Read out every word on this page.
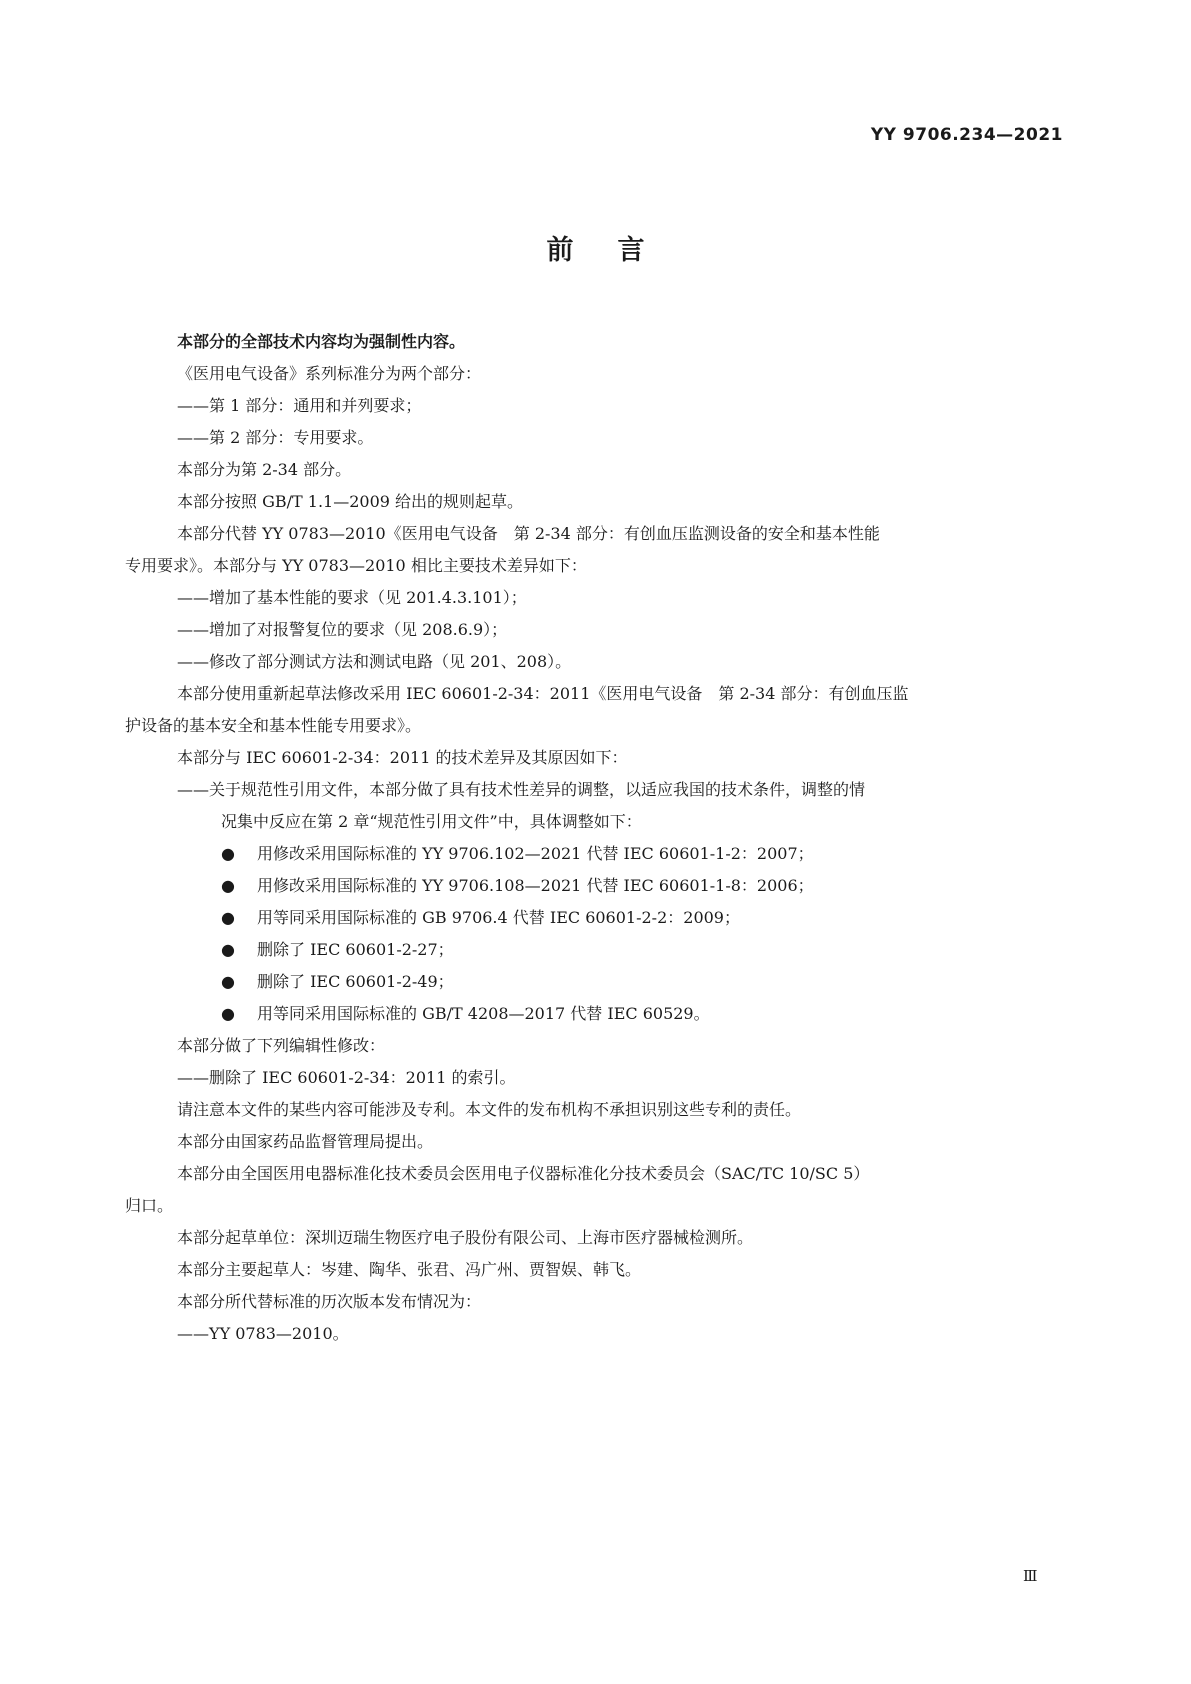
YY 9706.234—2021
前 言

本部分的全部技术内容均为强制性内容。

《医用电气设备》系列标准分为两个部分：

——第 1 部分：通用和并列要求；

——第 2 部分：专用要求。

本部分为第 2-34 部分。

本部分按照 GB/T 1.1—2009 给出的规则起草。

本部分代替 YY 0783—2010《医用电气设备　第 2-34 部分：有创血压监测设备的安全和基本性能

专用要求》。本部分与 YY 0783—2010 相比主要技术差异如下：

——增加了基本性能的要求（见 201.4.3.101）；

——增加了对报警复位的要求（见 208.6.9）；

——修改了部分测试方法和测试电路（见 201、208）。

本部分使用重新起草法修改采用 IEC 60601-2-34：2011《医用电气设备　第 2-34 部分：有创血压监

护设备的基本安全和基本性能专用要求》。

本部分与 IEC 60601-2-34：2011 的技术差异及其原因如下：

——关于规范性引用文件，本部分做了具有技术性差异的调整，以适应我国的技术条件，调整的情

况集中反应在第 2 章“规范性引用文件”中，具体调整如下：

● 用修改采用国际标准的 YY 9706.102—2021 代替 IEC 60601-1-2：2007；

● 用修改采用国际标准的 YY 9706.108—2021 代替 IEC 60601-1-8：2006；

● 用等同采用国际标准的 GB 9706.4 代替 IEC 60601-2-2：2009；

● 删除了 IEC 60601-2-27；

● 删除了 IEC 60601-2-49；

● 用等同采用国际标准的 GB/T 4208—2017 代替 IEC 60529。

本部分做了下列编辑性修改：

——删除了 IEC 60601-2-34：2011 的索引。

请注意本文件的某些内容可能涉及专利。本文件的发布机构不承担识别这些专利的责任。

本部分由国家药品监督管理局提出。

本部分由全国医用电器标准化技术委员会医用电子仪器标准化分技术委员会（SAC/TC 10/SC 5）

归口。

本部分起草单位：深圳迈瑞生物医疗电子股份有限公司、上海市医疗器械检测所。

本部分主要起草人：岑建、陶华、张君、冯广州、贾智娱、韩飞。

本部分所代替标准的历次版本发布情况为：

——YY 0783—2010。

Ⅲ
